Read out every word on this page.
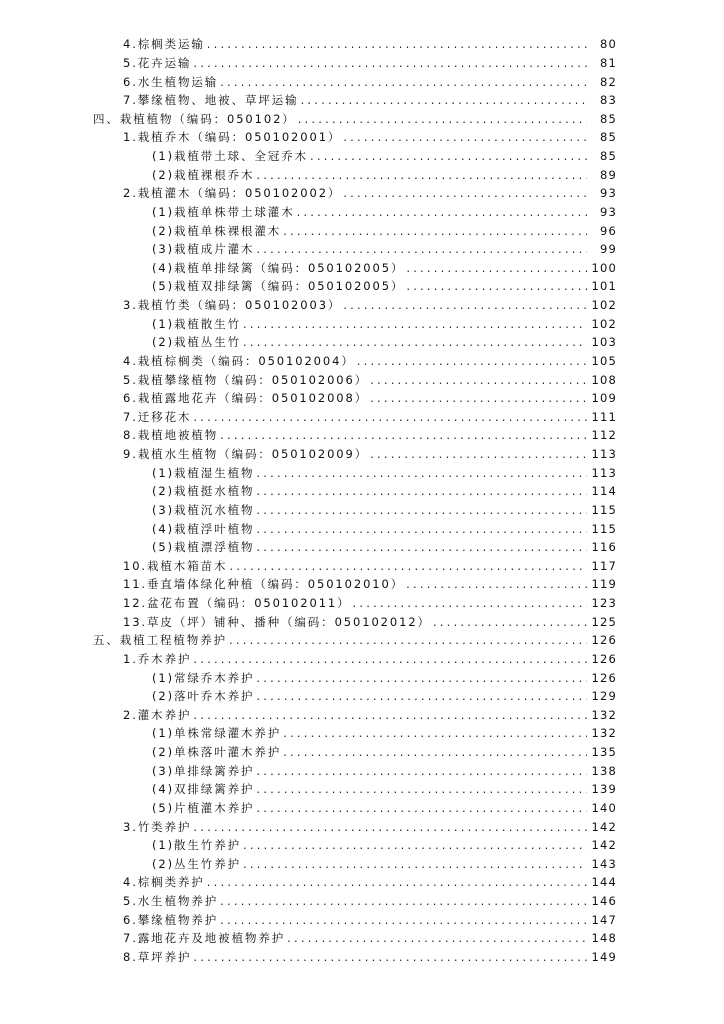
4.棕榈类运输 .....	80
5.花卉运输 .....	81
6.水生植物运输 .....	82
7.攀缘植物、地被、草坪运输 .....	83
四、栽植植物（编码：050102） .....	85
1.栽植乔木（编码：050102001） .....	85
(1)栽植带土球、全冠乔木 .....	85
(2)栽植裸根乔木 .....	89
2.栽植灌木（编码：050102002） .....	93
(1)栽植单株带土球灌木 .....	93
(2)栽植单株裸根灌木 .....	96
(3)栽植成片灌木 .....	99
(4)栽植单排绿篱（编码：050102005） .....	100
(5)栽植双排绿篱（编码：050102005） .....	101
3.栽植竹类（编码：050102003） .....	102
(1)栽植散生竹 .....	102
(2)栽植丛生竹 .....	103
4.栽植棕榈类（编码：050102004） .....	105
5.栽植攀缘植物（编码：050102006） .....	108
6.栽植露地花卉（编码：050102008） .....	109
7.迁移花木 .....	111
8.栽植地被植物 .....	112
9.栽植水生植物（编码：050102009） .....	113
(1)栽植湿生植物 .....	113
(2)栽植挺水植物 .....	114
(3)栽植沉水植物 .....	115
(4)栽植浮叶植物 .....	115
(5)栽植漂浮植物 .....	116
10.栽植木箱苗木 .....	117
11.垂直墙体绿化种植（编码：050102010） .....	119
12.盆花布置（编码：050102011） .....	123
13.草皮（坪）铺种、播种（编码：050102012） .....	125
五、栽植工程植物养护 .....	126
1.乔木养护 .....	126
(1)常绿乔木养护 .....	126
(2)落叶乔木养护 .....	129
2.灌木养护 .....	132
(1)单株常绿灌木养护 .....	132
(2)单株落叶灌木养护 .....	135
(3)单排绿篱养护 .....	138
(4)双排绿篱养护 .....	139
(5)片植灌木养护 .....	140
3.竹类养护 .....	142
(1)散生竹养护 .....	142
(2)丛生竹养护 .....	143
4.棕榈类养护 .....	144
5.水生植物养护 .....	146
6.攀缘植物养护 .....	147
7.露地花卉及地被植物养护 .....	148
8.草坪养护 .....	149
